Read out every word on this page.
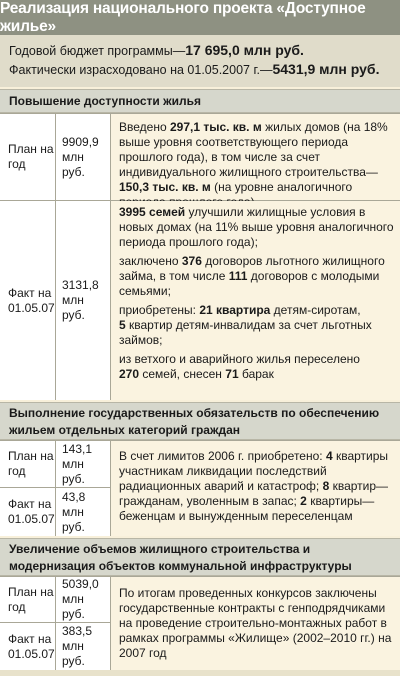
Реализация национального проекта «Доступное жилье»
Годовой бюджет программы—17 695,0 млн руб.
Фактически израсходовано на 01.05.2007 г.—5431,9 млн руб.
Повышение доступности жилья
План на год
9909,9 млн руб.
Введено 297,1 тыс. кв. м жилых домов (на 18% выше уровня соответствующего периода прошлого года), в том числе за счет индивидуального жилищного строительства—150,3 тыс. кв. м (на уровне аналогичного
Факт на 01.05.07
3131,8 млн руб.

3995 семей улучшили жилищные условия в новых домах (на 11% выше уровня аналогичного периода прошлого года);

заключено 376 договоров льготного жилищного займа, в том числе 111 договоров с молодыми семьями;

приобретены: 21 квартира детям-сиротам,
5 квартир детям-инвалидам за счет льготных займов;

из ветхого и аварийного жилья переселено
270 семей, снесен 71 барак

Выполнение государственных обязательств по обеспечению жильем отдельных категорий граждан
План на год
143,1 млн руб.
Факт на 01.05.07
43,8 млн руб.
В счет лимитов 2006 г. приобретено: 4 квартиры участникам ликвидации последствий радиационных аварий и катастроф; 8 квартир—гражданам, уволенным в запас; 2 квартиры—беженцам и вынужденным переселенцам
Увеличение объемов жилищного строительства и модернизация объектов коммунальной инфраструктуры
План на год
5039,0 млн руб.
Факт на 01.05.07
383,5 млн руб.
По итогам проведенных конкурсов заключены государственные контракты с генподрядчиками на проведение строительно-монтажных работ в рамках программы «Жилище» (2002–2010 гг.) на 2007 год
